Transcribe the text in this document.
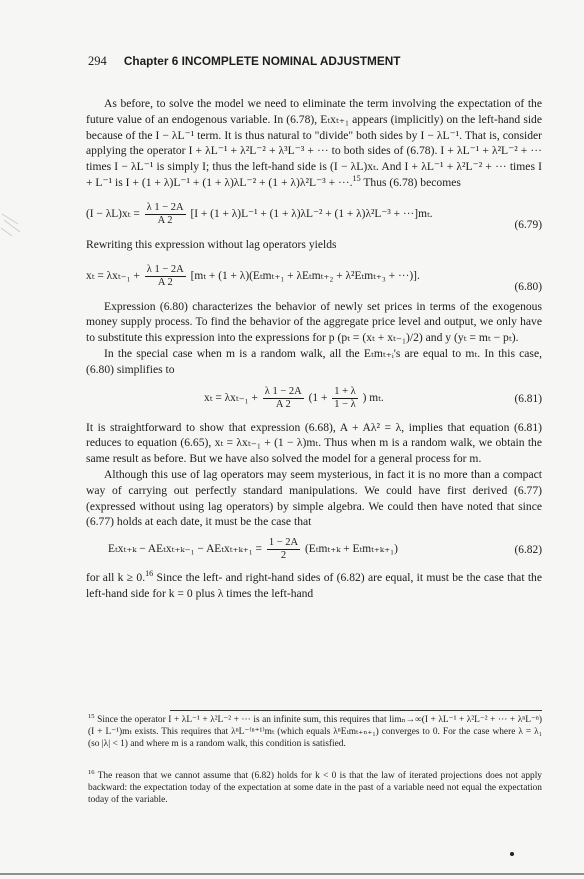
294 Chapter 6 INCOMPLETE NOMINAL ADJUSTMENT

As before, to solve the model we need to eliminate the term involving the expectation of the future value of an endogenous variable. In (6.78), Eₜxₜ₊₁ appears (implicitly) on the left-hand side because of the I − λL⁻¹ term. It is thus natural to "divide" both sides by I − λL⁻¹. That is, consider applying the operator I + λL⁻¹ + λ²L⁻² + λ³L⁻³ + ··· to both sides of (6.78). I + λL⁻¹ + λ²L⁻² + ··· times I − λL⁻¹ is simply I; thus the left-hand side is (I − λL)xₜ. And I + λL⁻¹ + λ²L⁻² + ··· times I + L⁻¹ is I + (1 + λ)L⁻¹ + (1 + λ)λL⁻² + (1 + λ)λ²L⁻³ + ···.$^{15}$ Thus (6.78) becomes

$(I - \lambda L)x_t = \frac{\lambda 1 - 2A}{A 2} [I + (1 + \lambda)L^{-1} + (1 + \lambda)\lambda L^{-2} + (1 + \lambda)\lambda^2L^{-3} + \cdot\cdot\cdot]m_t$.
(6.79)

Rewriting this expression without lag operators yields

$x_t = \lambda x_{t-1} + \frac{\lambda 1 - 2A}{A 2} [m_t + (1 + \lambda)(E_tm_{t+1} + \lambda E_tm_{t+2} + \lambda^2E_tm_{t+3}$ + ···)].
(6.80)

Expression (6.80) characterizes the behavior of newly set prices in terms of the exogenous money supply process. To find the behavior of the aggregate price level and output, we only have to substitute this expression into the expressions for p (pₜ = (xₜ + xₜ₋₁)/2) and y (yₜ = mₜ − pₜ).

In the special case when m is a random walk, all the Eₜmₜ₊ᵢ's are equal to mₜ. In this case, (6.80) simplifies to

$x_t = \lambda x_{t-1} + \frac{\lambda 1 - 2A}{A 2} (1 + \frac{1 + \lambda}{1 - \lambda}$ ) mₜ.	(6.81)

It is straightforward to show that expression (6.68), A + Aλ² = λ, implies that equation (6.81) reduces to equation (6.65), xₜ = λxₜ₋₁ + (1 − λ)mₜ. Thus when m is a random walk, we obtain the same result as before. But we have also solved the model for a general process for m.

Although this use of lag operators may seem mysterious, in fact it is no more than a compact way of carrying out perfectly standard manipulations. We could have first derived (6.77) (expressed without using lag operators) by simple algebra. We could then have noted that since (6.77) holds at each date, it must be the case that

$E_tx_{t+k} - AE_tx_{t+k-1} - AE_tx_{t+k+1} = \frac{1 - 2A}{2} (E_tm_{t+k} + E_tm_{t+k+1})$	(6.82)

for all k ≥ 0.16 Since the left- and right-hand sides of (6.82) are equal, it must be the case that the left-hand side for k = 0 plus λ times the left-hand

$^{15}$ Since the operator I + λL⁻¹ + λ²L⁻² + ··· is an infinite sum, this requires that limₙ→∞(I + λL⁻¹ + λ²L⁻² + ··· + λⁿL⁻ⁿ)(I + L⁻¹)mₜ exists. This requires that λⁿL⁻⁽ⁿ⁺¹⁾mₜ (which equals λⁿEₜmₜ₊ₙ₊₁) converges to 0. For the case where λ = λ₁ (so |λ| < 1) and where m is a random walk, this condition is satisfied.
$^{16}$ The reason that we cannot assume that (6.82) holds for k < 0 is that the law of iterated projections does not apply backward: the expectation today of the expectation at some date in the past of a variable need not equal the expectation today of the variable.
